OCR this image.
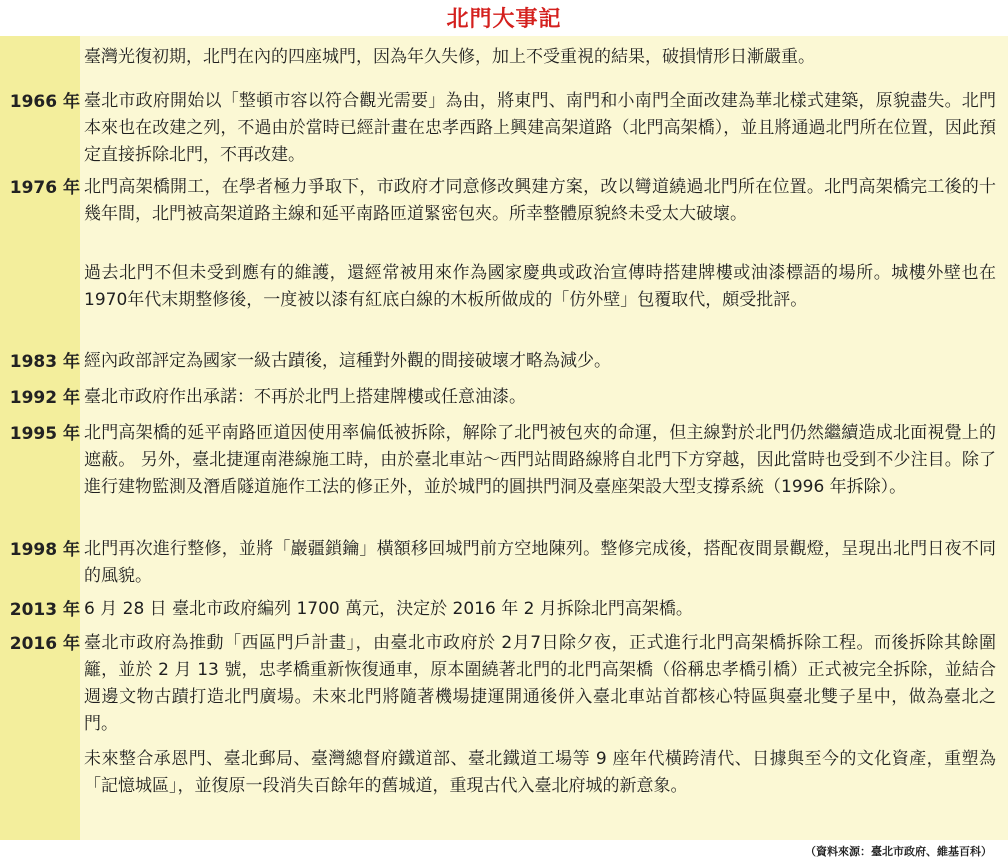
北門大事記
臺灣光復初期，北門在內的四座城門，因為年久失修，加上不受重視的結果，破損情形日漸嚴重。
1966 年 臺北市政府開始以「整頓市容以符合觀光需要」為由，將東門、南門和小南門全面改建為華北樣式建築，原貌盡失。北門本來也在改建之列，不過由於當時已經計畫在忠孝西路上興建高架道路（北門高架橋），並且將通過北門所在位置，因此預定直接拆除北門，不再改建。
1976 年 北門高架橋開工，在學者極力爭取下，市政府才同意修改興建方案，改以彎道繞過北門所在位置。北門高架橋完工後的十幾年間，北門被高架道路主線和延平南路匝道緊密包夾。所幸整體原貌終未受太大破壞。
過去北門不但未受到應有的維護，還經常被用來作為國家慶典或政治宣傳時搭建牌樓或油漆標語的場所。城樓外壁也在1970年代末期整修後，一度被以漆有紅底白線的木板所做成的「仿外壁」包覆取代，頗受批評。
1983 年 經內政部評定為國家一級古蹟後，這種對外觀的間接破壞才略為減少。
1992 年 臺北市政府作出承諾：不再於北門上搭建牌樓或任意油漆。
1995 年 北門高架橋的延平南路匝道因使用率偏低被拆除，解除了北門被包夾的命運，但主線對於北門仍然繼續造成北面視覺上的遮蔽。 另外，臺北捷運南港線施工時，由於臺北車站～西門站間路線將自北門下方穿越，因此當時也受到不少注目。除了進行建物監測及潛盾隧道施作工法的修正外，並於城門的圓拱門洞及臺座架設大型支撐系統（1996 年拆除）。
1998 年 北門再次進行整修，並將「巖疆鎖鑰」橫額移回城門前方空地陳列。整修完成後，搭配夜間景觀燈，呈現出北門日夜不同的風貌。
2013 年 6 月 28 日 臺北市政府編列 1700 萬元，決定於 2016 年 2 月拆除北門高架橋。
2016 年 臺北市政府為推動「西區門戶計畫」，由臺北市政府於 2月7日除夕夜，正式進行北門高架橋拆除工程。而後拆除其餘圍籬，並於 2 月 13 號，忠孝橋重新恢復通車，原本圍繞著北門的北門高架橋（俗稱忠孝橋引橋）正式被完全拆除，並結合週邊文物古蹟打造北門廣場。未來北門將隨著機場捷運開通後併入臺北車站首都核心特區與臺北雙子星中，做為臺北之門。
未來整合承恩門、臺北郵局、臺灣總督府鐵道部、臺北鐵道工場等 9 座年代橫跨清代、日據與至今的文化資產，重塑為「記憶城區」，並復原一段消失百餘年的舊城道，重現古代入臺北府城的新意象。
（資料來源：臺北市政府、維基百科）
